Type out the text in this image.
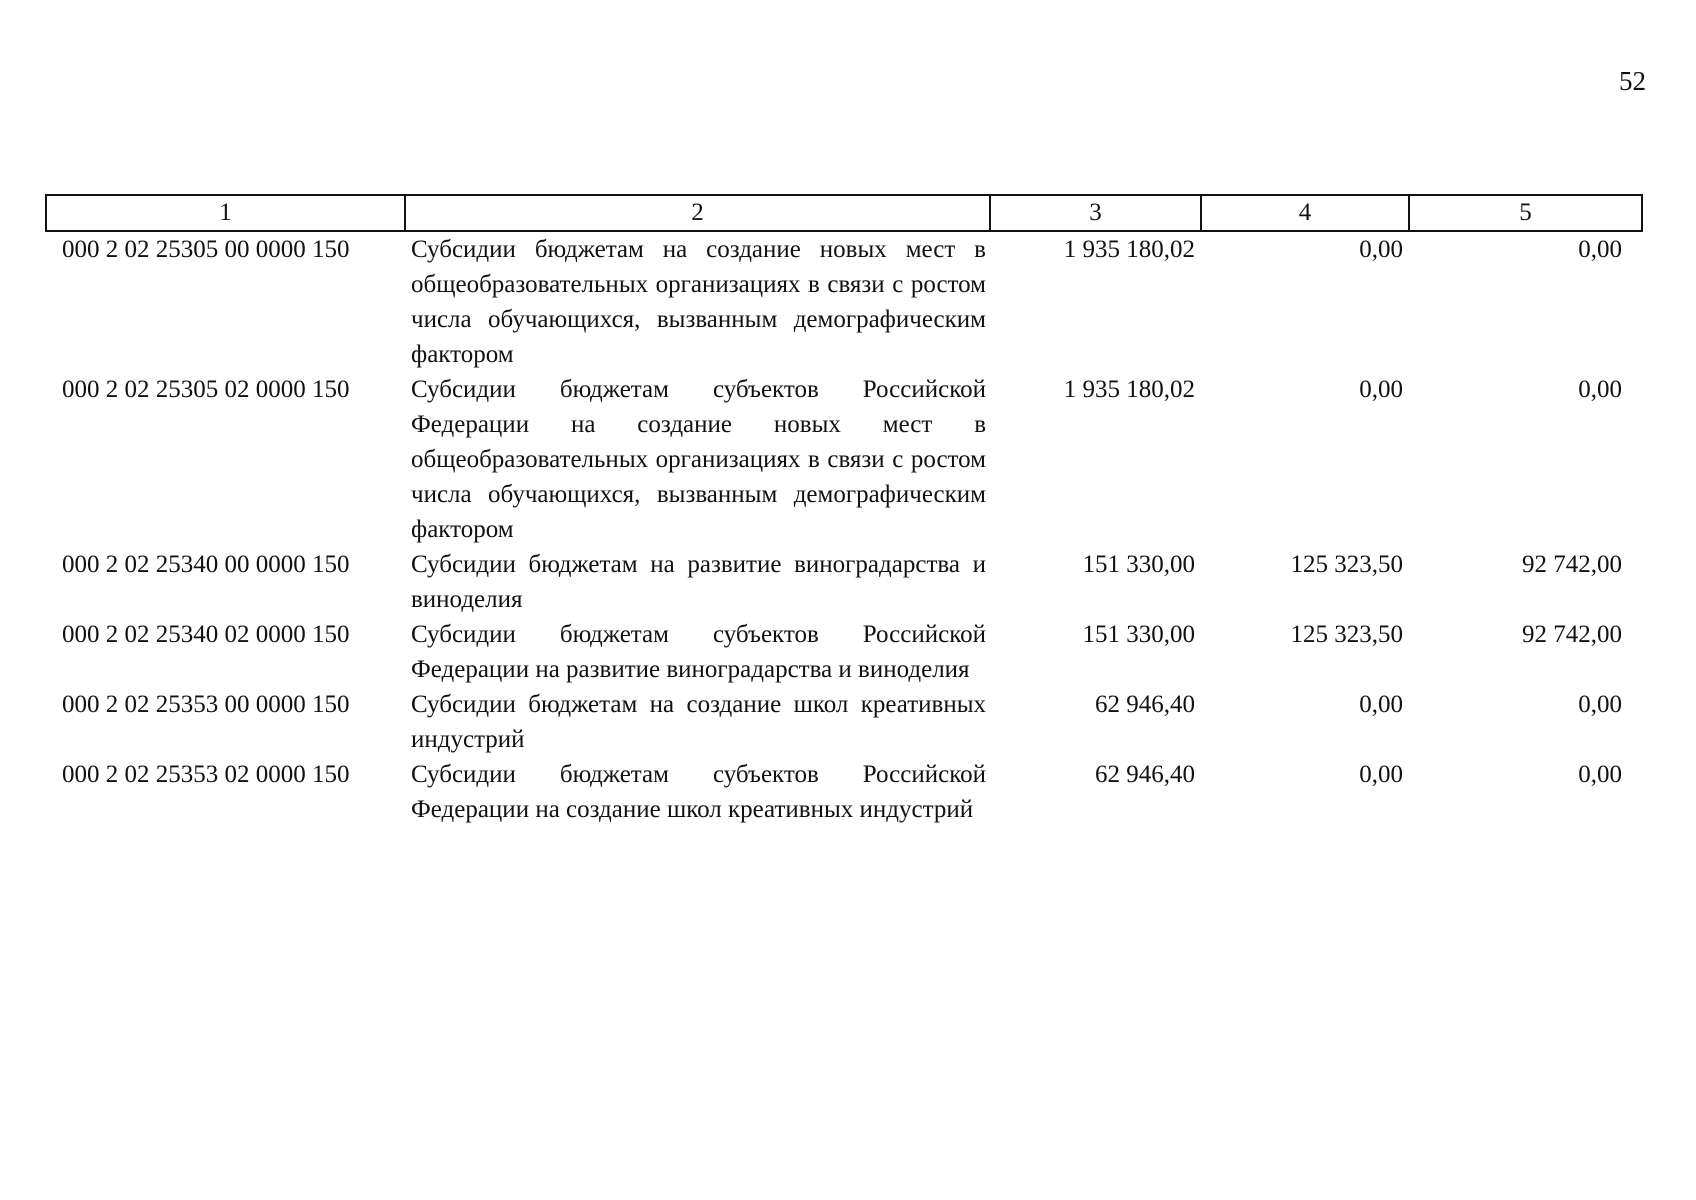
52
1	2	3	4	5
000 2 02 25305 00 0000 150	Субсидии бюджетам на создание новых мест в общеобразовательных организациях в связи с ростом числа обучающихся, вызванным демографическим фактором	1 935 180,02	0,00	0,00
000 2 02 25305 02 0000 150	Субсидии бюджетам субъектов Российской Федерации на создание новых мест в общеобразовательных организациях в связи с ростом числа обучающихся, вызванным демографическим фактором	1 935 180,02	0,00	0,00
000 2 02 25340 00 0000 150	Субсидии бюджетам на развитие виноградарства и виноделия	151 330,00	125 323,50	92 742,00
000 2 02 25340 02 0000 150	Субсидии бюджетам субъектов Российской Федерации на развитие виноградарства и виноделия	151 330,00	125 323,50	92 742,00
000 2 02 25353 00 0000 150	Субсидии бюджетам на создание школ креативных индустрий	62 946,40	0,00	0,00
000 2 02 25353 02 0000 150	Субсидии бюджетам субъектов Российской Федерации на создание школ креативных индустрий	62 946,40	0,00	0,00
